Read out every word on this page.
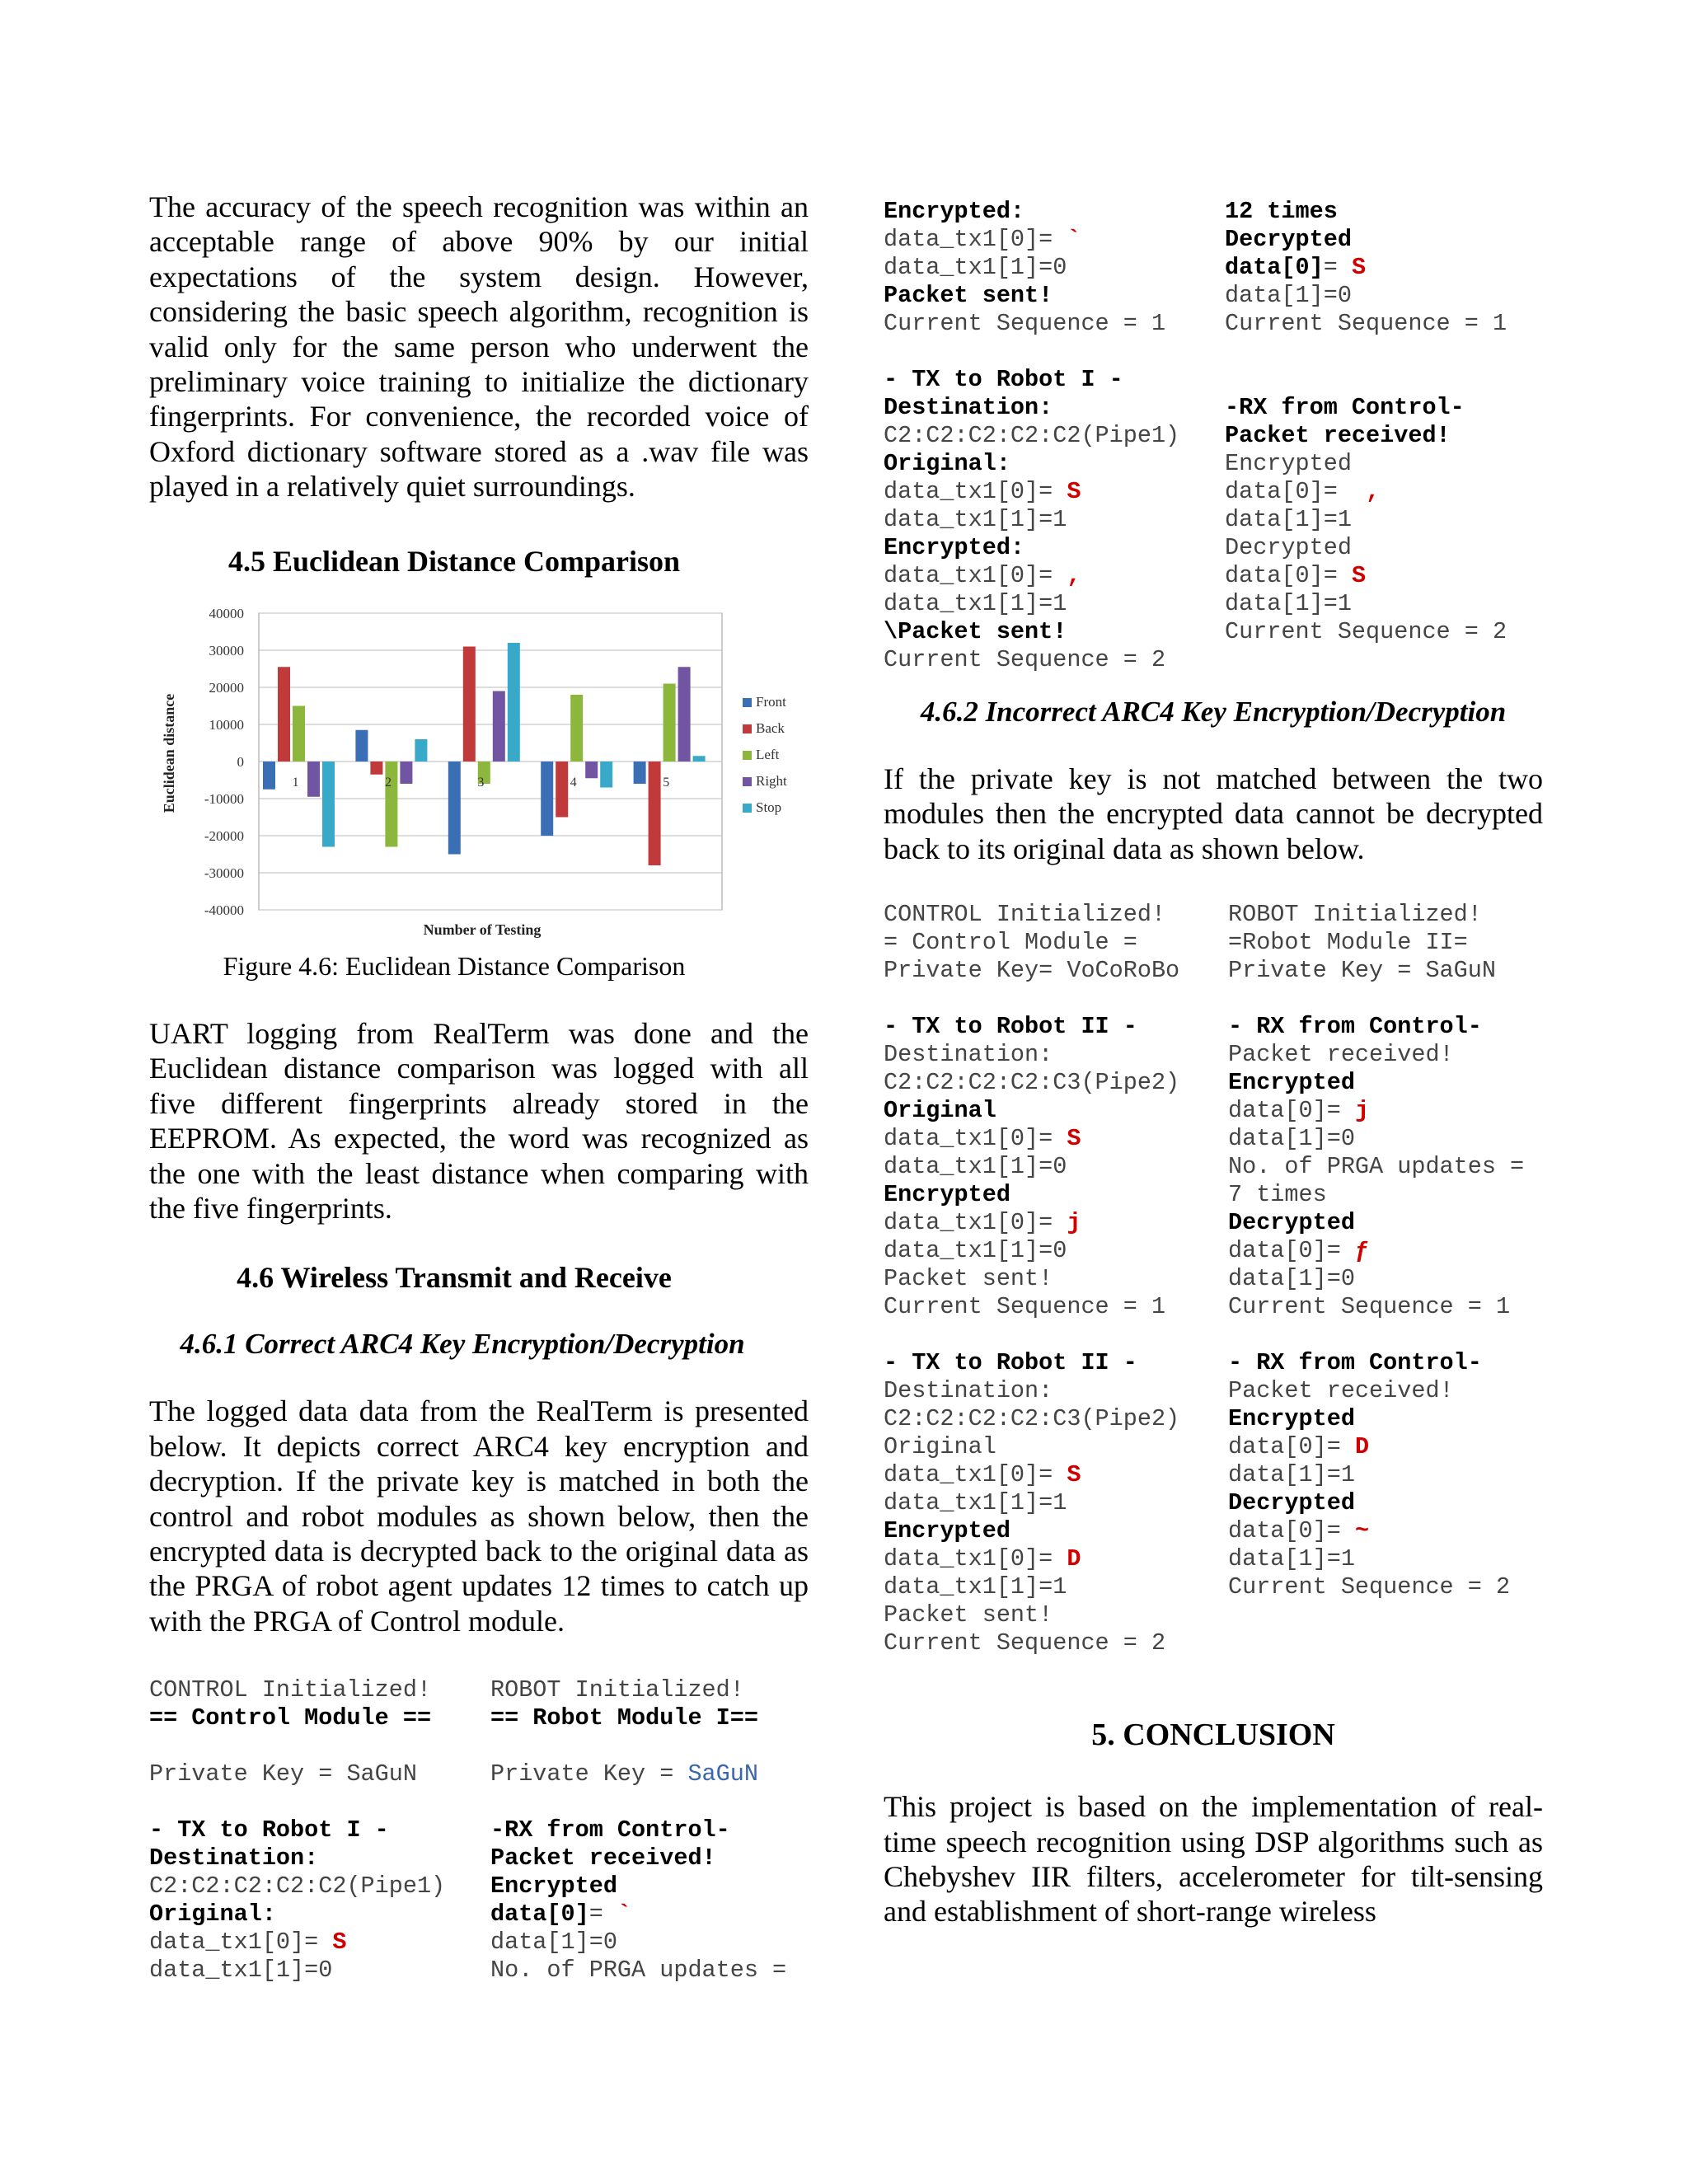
The accuracy of the speech recognition was within an acceptable range of above 90% by our initial expectations of the system design. However, considering the basic speech algorithm, recognition is valid only for the same person who underwent the preliminary voice training to initialize the dictionary fingerprints. For convenience, the recorded voice of Oxford dictionary software stored as a .wav file was played in a relatively quiet surroundings.

4.5 Euclidean Distance Comparison

40000
30000
20000
10000
0
-10000
-20000
-30000
-40000
1	2	3	4	5
Number of Testing
Euclidean distance	Front
Back
Left
Right
Stop

Figure 4.6: Euclidean Distance Comparison

UART logging from RealTerm was done and the Euclidean distance comparison was logged with all five different fingerprints already stored in the EEPROM. As expected, the word was recognized as the one with the least distance when comparing with the five fingerprints.

4.6 Wireless Transmit and Receive

4.6.1 Correct ARC4 Key Encryption/Decryption

The logged data data from the RealTerm is presented below. It depicts correct ARC4 key encryption and decryption. If the private key is matched in both the control and robot modules as shown below, then the encrypted data is decrypted back to the original data as the PRGA of robot agent updates 12 times to catch up with the PRGA of Control module.

CONTROL Initialized!
== Control Module ==
Private Key = SaGuN
- TX to Robot I -
Destination:
C2:C2:C2:C2:C2(Pipe1)
Original:
data_tx1[0]= S
data_tx1[1]=0
ROBOT Initialized!
== Robot Module I==
Private Key = SaGuN
-RX from Control-
Packet received!
Encrypted
data[0]= `
data[1]=0
No. of PRGA updates =
Encrypted:
data_tx1[0]= `
data_tx1[1]=0
Packet sent!
Current Sequence = 1
- TX to Robot I -
Destination:
C2:C2:C2:C2:C2(Pipe1)
Original:
data_tx1[0]= S
data_tx1[1]=1
Encrypted:
data_tx1[0]= ,
data_tx1[1]=1
\Packet sent!
Current Sequence = 2
12 times
Decrypted
data[0]= S
data[1]=0
Current Sequence = 1
-RX from Control-
Packet received!
Encrypted
data[0]=  ,
data[1]=1
Decrypted
data[0]= S
data[1]=1
Current Sequence = 2

4.6.2 Incorrect ARC4 Key Encryption/Decryption

If the private key is not matched between the two modules then the encrypted data cannot be decrypted back to its original data as shown below.

CONTROL Initialized!
= Control Module =
Private Key= VoCoRoBo
- TX to Robot II -
Destination:
C2:C2:C2:C2:C3(Pipe2)
Original
data_tx1[0]= S
data_tx1[1]=0
Encrypted
data_tx1[0]= j
data_tx1[1]=0
Packet sent!
Current Sequence = 1
- TX to Robot II -
Destination:
C2:C2:C2:C2:C3(Pipe2)
Original
data_tx1[0]= S
data_tx1[1]=1
Encrypted
data_tx1[0]= D
data_tx1[1]=1
Packet sent!
Current Sequence = 2
ROBOT Initialized!
=Robot Module II=
Private Key = SaGuN
- RX from Control-
Packet received!
Encrypted
data[0]= j
data[1]=0
No. of PRGA updates =
7 times
Decrypted
data[0]= ƒ
data[1]=0
Current Sequence = 1
- RX from Control-
Packet received!
Encrypted
data[0]= D
data[1]=1
Decrypted
data[0]= ~
data[1]=1
Current Sequence = 2

5. CONCLUSION

This project is based on the implementation of real-time speech recognition using DSP algorithms such as Chebyshev IIR filters, accelerometer for tilt-sensing and establishment of short-range wireless
